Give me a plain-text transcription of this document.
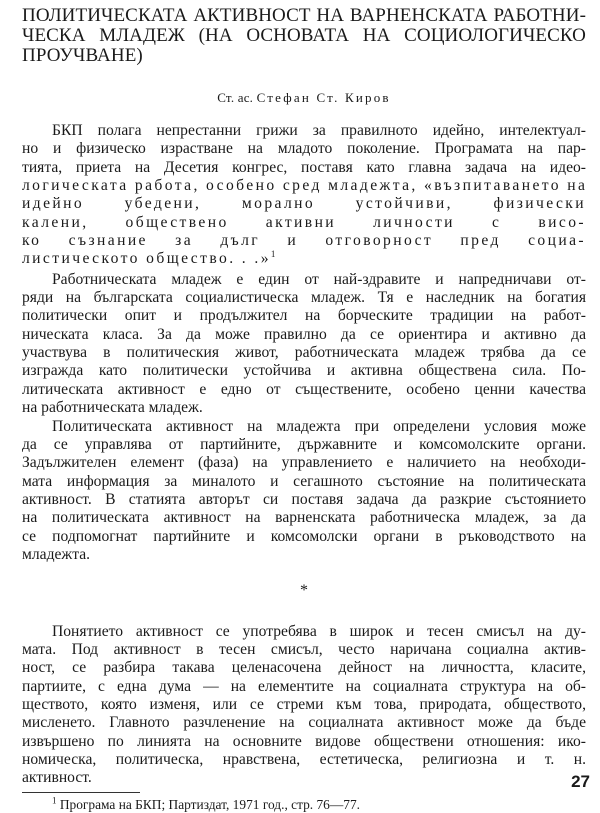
ПОЛИТИЧЕСКАТА АКТИВНОСТ НА ВАРНЕНСКАТА РАБОТНИ-
ЧЕСКА МЛАДЕЖ (НА ОСНОВАТА НА СОЦИОЛОГИЧЕСКО
ПРОУЧВАНЕ)
Ст. ас. Стефан Ст. Киров

БКП полага непрестанни грижи за правилното идейно, интелектуал-
но и физическо израстване на младото поколение. Програмата на пар-
тията, приета на Десетия конгрес, поставя като главна задача на идео-
логическата работа, особено сред младежта, «възпитаването на
идейно убедени, морално устойчиви, физически
калени, обществено активни личности с висо-
ко съзнание за дълг и отговорност пред социа-
листическото общество. . .»$^1$

Работническата младеж е един от най-здравите и напредничави от-
ряди на българската социалистическа младеж. Тя е наследник на богатия
политически опит и продължител на борческите традиции на работ-
ническата класа. За да може правилно да се ориентира и активно да
участвува в политическия живот, работническата младеж трябва да се
изгражда като политически устойчива и активна обществена сила. По-
литическата активност е едно от съществените, особено ценни качества
на работническата младеж.

Политическата активност на младежта при определени условия може
да се управлява от партийните, държавните и комсомолските органи.
Задължителен елемент (фаза) на управлението е наличието на необходи-
мата информация за миналото и сегашното състояние на политическата
активност. В статията авторът си поставя задача да разкрие състоянието
на политическата активност на варненската работническа младеж, за да
се подпомогнат партийните и комсомолски органи в ръководството на
младежта.

*

Понятието активност се употребява в широк и тесен смисъл на ду-
мата. Под активност в тесен смисъл, често наричана социална актив-
ност, се разбира такава целенасочена дейност на личността, класите,
партиите, с една дума — на елементите на социалната структура на об-
ществото, която изменя, или се стреми към това, природата, обществото,
мисленето. Главното разчленение на социалната активност може да бъде
извършено по линията на основните видове обществени отношения: ико-
номическа, политическа, нравствена, естетическа, религиозна и т. н.
активност.

$^1$ Програма на БКП; Партиздат, 1971 год., стр. 76—77.
27
